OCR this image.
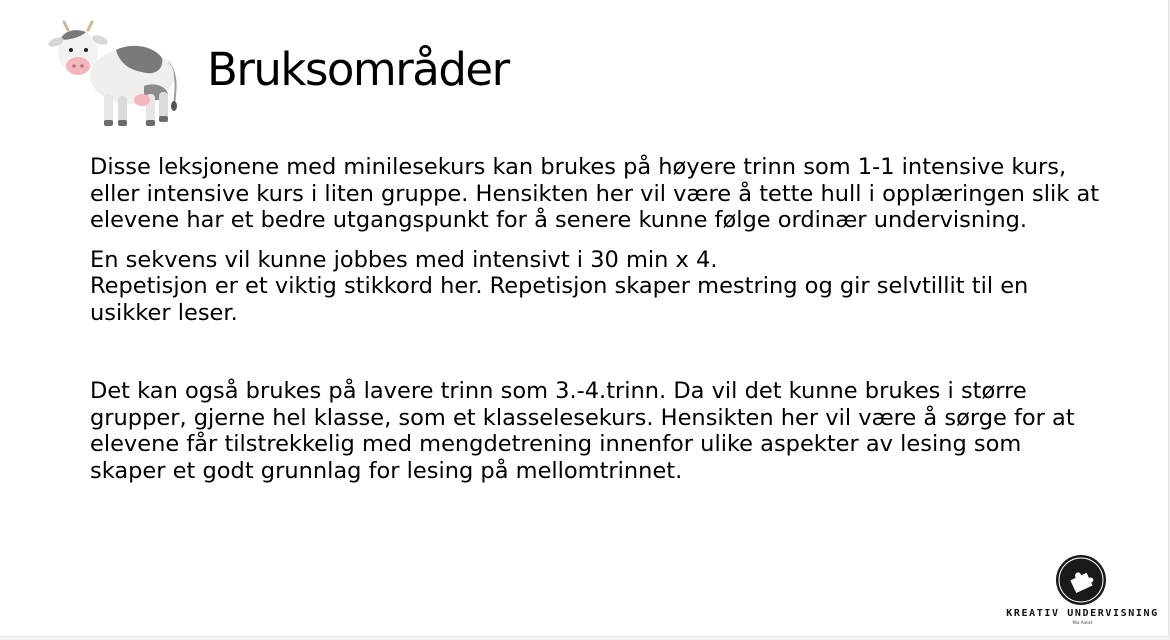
Bruksområder

Disse leksjonene med minilesekurs kan brukes på høyere trinn som 1-1 intensive kurs, eller intensive kurs i liten gruppe. Hensikten her vil være å tette hull i opplæringen slik at elevene har et bedre utgangspunkt for å senere kunne følge ordinær undervisning.

En sekvens vil kunne jobbes med intensivt i 30 min x 4.

Repetisjon er et viktig stikkord her. Repetisjon skaper mestring og gir selvtillit til en usikker leser.

Det kan også brukes på lavere trinn som 3.-4.trinn. Da vil det kunne brukes i større grupper, gjerne hel klasse, som et klasselesekurs. Hensikten her vil være å sørge for at elevene får tilstrekkelig med mengdetrening innenfor ulike aspekter av lesing som skaper et godt grunnlag for lesing på mellomtrinnet.

KREATIV UNDERVISNING
Mia Aanet
